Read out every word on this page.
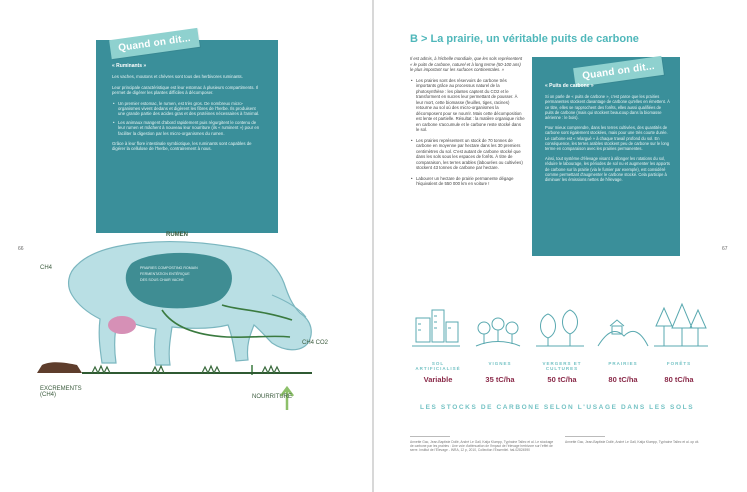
66	67
Quand on dit...
« Ruminants »
Les vaches, moutons et chèvres sont tous des herbivores ruminants.
Leur principale caractéristique est leur estomac à plusieurs compartiments. Il permet de digérer les plantes difficiles à décomposer.
• Un premier estomac, le rumen, est très gros. De nombreux micro-organismes vivent dedans et digèrent les fibres de l'herbe. Ils produisent une grande partie des acides gras et des protéines nécessaires à l'animal.
• Les animaux mangent d'abord rapidement puis régurgitent le contenu de leur rumen et mâchent à nouveau leur nourriture (ils « ruminent ») pour en faciliter la digestion par les micro-organismes du rumen.
Grâce à leur flore intestinale symbiotique, les ruminants sont capables de digérer la cellulose de l'herbe, contrairement à nous.
RUMEN
CH4
CH4 CO2
EXCREMENTS (CH4)	NOURRITURE
PRAIRIES COMPOSTING ROMAIN
FERMENTATION ENTÉRIQUE
DES SOUS CHAIR VACHE
B > La prairie, un véritable puits de carbone
Il est admis, à l'échelle mondiale, que les sols représentent « le puits de carbone, naturel et à long terme (50-100 ans) le plus important sur les surfaces continentales. »
• Les prairies sont des réservoirs de carbone très importants grâce au processus naturel de la photosynthèse : les plantes captent du CO2 et le transforment en sucres leur permettant de pousser. À leur mort, cette biomasse (feuilles, tiges, racines) retourne au sol où des micro-organismes la décomposent pour se nourrir. Mais cette décomposition est lente et partielle. Résultat : la matière organique riche en carbone s'accumule et le carbone reste stocké dans le sol.
• Les prairies représentent un stock de 70 tonnes de carbone en moyenne par hectare dans les 30 premiers centimètres du sol. C'est autant de carbone stocké que dans les sols sous les espaces de forêts. À titre de comparaison, les terres arables (labourées ou cultivées) stockent 43 tonnes de carbone par hectare.
• Labourer un hectare de prairie permanente dégage l'équivalent de 550 000 km en voiture !
Quand on dit...
« Puits de carbone »
Si on parle de « puits de carbone », c'est parce que les prairies permanentes stockent davantage de carbone qu'elles en émettent. À ce titre, elles se rapprochent des forêts, elles aussi qualifiées de puits de carbone (mais qui stockent beaucoup dans la biomasse aérienne : le bois).
Pour mieux comprendre, dans les terres cultivées, des quantités de carbone sont également stockées, mais pour une très courte durée. Le carbone est « relargué » à chaque travail profond du sol. En conséquence, les terres arables stockent peu de carbone sur le long terme en comparaison avec les prairies permanentes.
Ainsi, tout système d'élevage visant à allonger les rotations du sol, réduire le labourage, les périodes de sol nu et augmenter les apports de carbone sur la prairie (via le fumier par exemple), est considéré comme permettant d'augmenter le carbone stocké. Cela participe à diminuer les émissions nettes de l'élevage.
SOL ARTIFICIALISÉ
Variable
VIGNES
35 tC/ha
VERGERS ET CULTURES
50 tC/ha
PRAIRIES
80 tC/ha
FORÊTS
80 tC/ha
LES STOCKS DE CARBONE SELON L'USAGE DANS LES SOLS
Annette Gac, Jean-Baptiste Dollé, André Le Gall, Katja Klumpp, Typhaine Tallec et al. Le stockage de carbone par les prairies : Une voie d'atténuation de l'impact de l'élevage herbivore sur l'effet de serre. Institut de l'Élevage - INRA, 12 p, 2010, Collection l'Essentiel. hal-02824590
Annette Gac, Jean-Baptiste Dollé, André Le Gall, Katja Klumpp, Typhaine Tallec et al. op cit.
